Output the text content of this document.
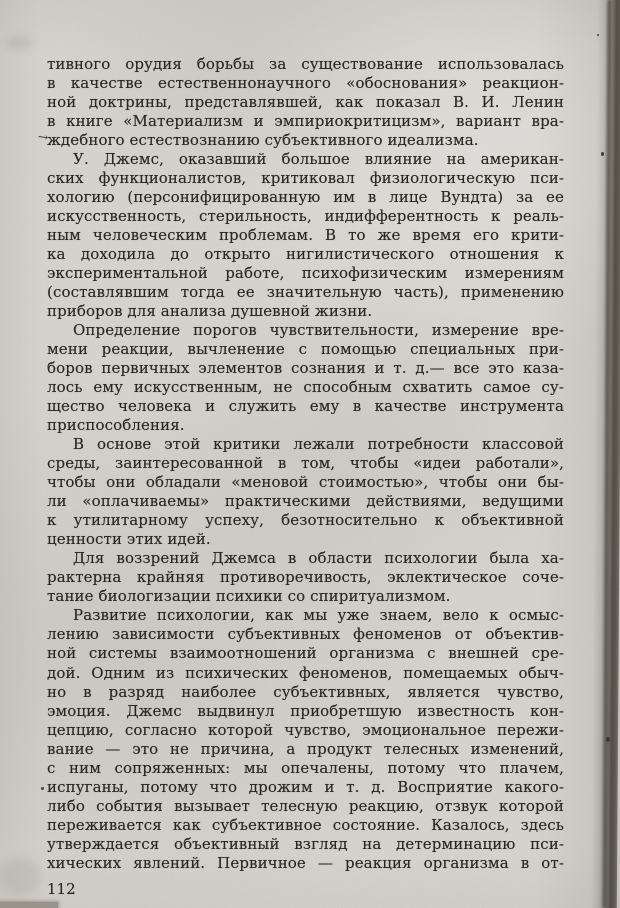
тивного орудия борьбы за существование использовалась
в качестве естественнонаучного «обоснования» реакцион-
ной доктрины, представлявшей, как показал В. И. Ленин
в книге «Материализм и эмпириокритицизм», вариант вра-
ждебного естествознанию субъективного идеализма.
У. Джемс, оказавший большое влияние на американ-
ских функционалистов, критиковал физиологическую пси-
хологию (персонифицированную им в лице Вундта) за ее
искусственность, стерильность, индифферентность к реаль-
ным человеческим проблемам. В то же время его крити-
ка доходила до открыто нигилистического отношения к
экспериментальной работе, психофизическим измерениям
(составлявшим тогда ее значительную часть), применению
приборов для анализа душевной жизни.
Определение порогов чувствительности, измерение вре-
мени реакции, вычленение с помощью специальных при-
боров первичных элементов сознания и т. д.— все это каза-
лось ему искусственным, не способным схватить самое су-
щество человека и служить ему в качестве инструмента
приспособления.
В основе этой критики лежали потребности классовой
среды, заинтересованной в том, чтобы «идеи работали»,
чтобы они обладали «меновой стоимостью», чтобы они бы-
ли «оплачиваемы» практическими действиями, ведущими
к утилитарному успеху, безотносительно к объективной
ценности этих идей.
Для воззрений Джемса в области психологии была ха-
рактерна крайняя противоречивость, эклектическое соче-
тание биологизации психики со спиритуализмом.
Развитие психологии, как мы уже знаем, вело к осмыс-
лению зависимости субъективных феноменов от объектив-
ной системы взаимоотношений организма с внешней сре-
дой. Одним из психических феноменов, помещаемых обыч-
но в разряд наиболее субъективных, является чувство,
эмоция. Джемс выдвинул приобретшую известность кон-
цепцию, согласно которой чувство, эмоциональное пережи-
вание — это не причина, а продукт телесных изменений,
с ним сопряженных: мы опечалены, потому что плачем,
испуганы, потому что дрожим и т. д. Восприятие какого-
либо события вызывает телесную реакцию, отзвук которой
переживается как субъективное состояние. Казалось, здесь
утверждается объективный взгляд на детерминацию пси-
хических явлений. Первичное — реакция организма в от-
→
112
